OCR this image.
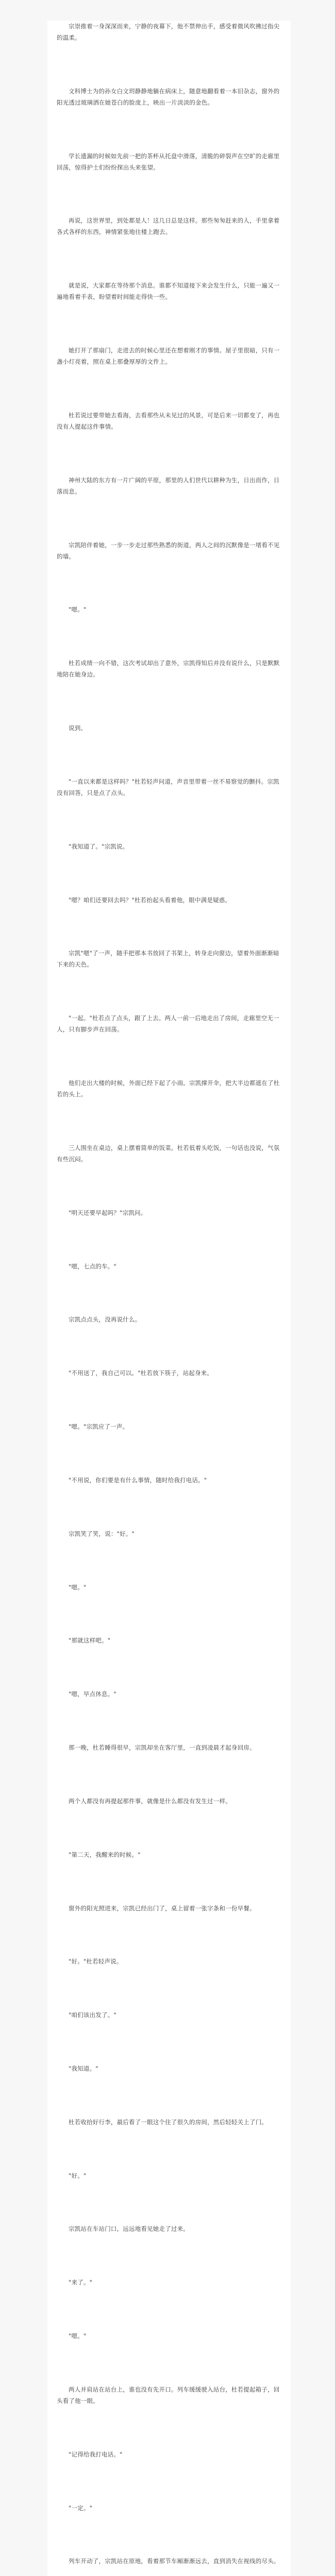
宗崇推着一身深深而来，宁静的夜幕下，他不禁伸出手，感受着微风吹拂过指尖的温柔。

文科博士为的孙女白文玥静静地躺在病床上，随意地翻看着一本旧杂志，窗外的阳光透过玻璃洒在她苍白的脸庞上，映出一片淡淡的金色。

学长遗漏的时候如先前一把的茶杯从托盘中滑落，清脆的碎裂声在空旷的走廊里回荡，惊得护士们纷纷探出头来张望。

再说，这世界里，到处都是人！这几日总是这样。那些匆匆赶来的人，手里拿着各式各样的东西，神情紧张地往楼上跑去。

就是说，大家都在等待那个消息。谁都不知道接下来会发生什么，只能一遍又一遍地看着手表，盼望着时间能走得快一些。

她打开了那扇门，走进去的时候心里还在想着刚才的事情。屋子里很暗，只有一盏小灯亮着，照在桌上那叠厚厚的文件上。

杜若说过要带她去看海，去看那些从未见过的风景，可是后来一切都变了，再也没有人提起这件事情。

神州大陆的东方有一片广阔的平原，那里的人们世代以耕种为生，日出而作，日落而息。

宗凯陪伴着她，一步一步走过那些熟悉的街道，两人之间的沉默像是一堵看不见的墙。

"嗯。"

杜若成绩一向不错，这次考试却出了意外，宗凯得知后并没有说什么，只是默默地陪在她身边。

说到。

"一直以来都是这样吗？"杜若轻声问道，声音里带着一丝不易察觉的颤抖。宗凯没有回答，只是点了点头。

"我知道了。"宗凯说。

"嗯？咱们还要回去吗？"杜若抬起头看着他，眼中满是疑惑。

宗凯"嗯"了一声，随手把那本书放回了书架上，转身走向窗边，望着外面渐渐暗下来的天色。

"一起。"杜若点了点头，跟了上去。两人一前一后地走出了房间，走廊里空无一人，只有脚步声在回荡。

他们走出大楼的时候，外面已经下起了小雨。宗凯撑开伞，把大半边都遮在了杜若的头上。

三人围坐在桌边，桌上摆着简单的饭菜。杜若低着头吃饭，一句话也没说，气氛有些沉闷。

"明天还要早起吗？"宗凯问。

"嗯，七点的车。"

宗凯点点头，没再说什么。

"不用送了，我自己可以。"杜若放下筷子，站起身来。

"嗯。"宗凯应了一声。

"不用说，你们要是有什么事情，随时给我打电话。"

宗凯笑了笑，说："好。"

"嗯。"

"那就这样吧。"

"嗯，早点休息。"

那一晚，杜若睡得很早，宗凯却坐在客厅里，一直到凌晨才起身回房。

两个人都没有再提起那件事，就像是什么都没有发生过一样。

"第二天，我醒来的时候。"

窗外的阳光照进来，宗凯已经出门了，桌上留着一张字条和一份早餐。

"好。"杜若轻声说。

"咱们该出发了。"

"我知道。"

杜若收拾好行李，最后看了一眼这个住了很久的房间，然后轻轻关上了门。

"好。"

宗凯站在车站门口，远远地看见她走了过来。

"来了。"

"嗯。"

两人并肩站在站台上，谁也没有先开口。列车缓缓驶入站台，杜若提起箱子，回头看了他一眼。

"记得给我打电话。"

"一定。"

列车开动了，宗凯站在原地，看着那节车厢渐渐远去，直到消失在视线的尽头。
